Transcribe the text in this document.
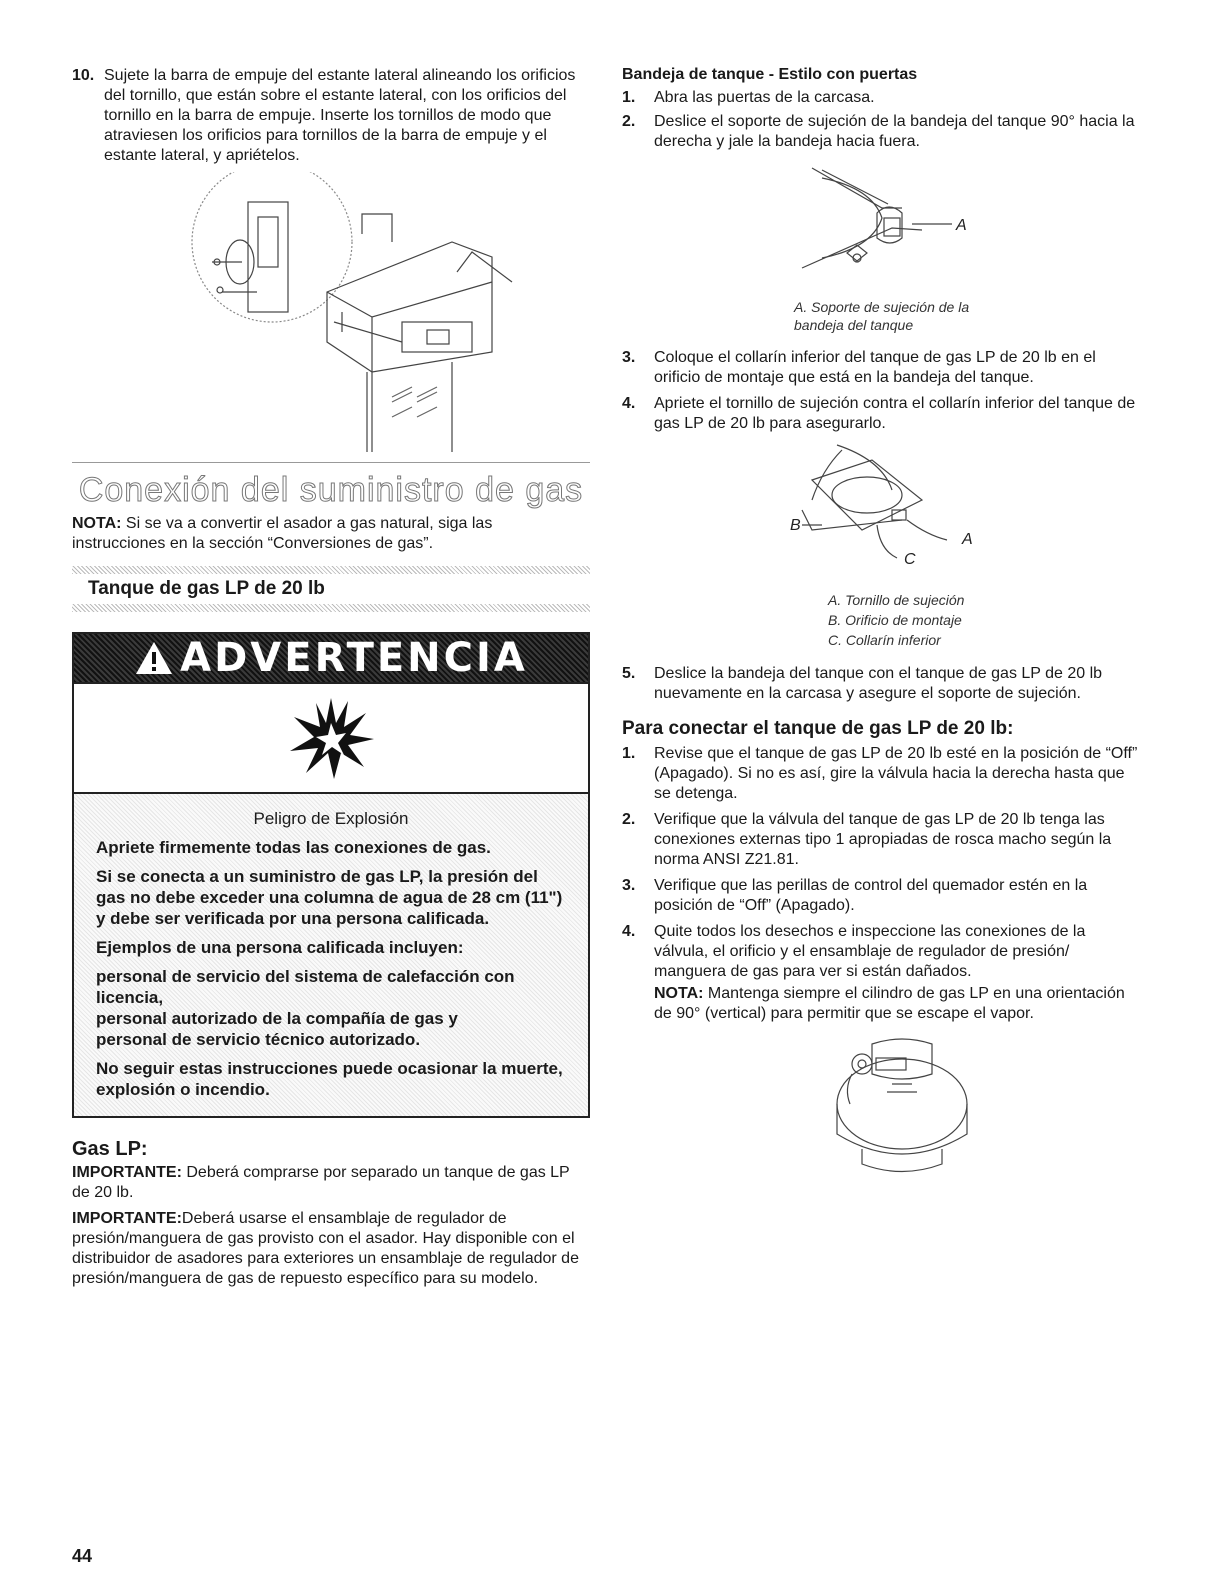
10. Sujete la barra de empuje del estante lateral alineando los orificios del tornillo, que están sobre el estante lateral, con los orificios del tornillo en la barra de empuje. Inserte los tornillos de modo que atraviesen los orificios para tornillos de la barra de empuje y el estante lateral, y apriételos.
Conexión del suministro de gas

NOTA: Si se va a convertir el asador a gas natural, siga las instrucciones en la sección “Conversiones de gas”.

Tanque de gas LP de 20 lb
ADVERTENCIA

Peligro de Explosión

Apriete firmemente todas las conexiones de gas.

Si se conecta a un suministro de gas LP, la presión del gas no debe exceder una columna de agua de 28 cm (11") y debe ser verificada por una persona calificada.

Ejemplos de una persona calificada incluyen:

personal de servicio del sistema de calefacción con licencia,

personal autorizado de la compañía de gas y

personal de servicio técnico autorizado.

No seguir estas instrucciones puede ocasionar la muerte, explosión o incendio.

Gas LP:

IMPORTANTE: Deberá comprarse por separado un tanque de gas LP de 20 lb.

IMPORTANTE:Deberá usarse el ensamblaje de regulador de presión/manguera de gas provisto con el asador. Hay disponible con el distribuidor de asadores para exteriores un ensamblaje de regulador de presión/manguera de gas de repuesto específico para su modelo.

Bandeja de tanque - Estilo con puertas
1.	Abra las puertas de la carcasa.
2.	Deslice el soporte de sujeción de la bandeja del tanque 90° hacia la derecha y jale la bandeja hacia fuera.
A
A. Soporte de sujeción de la bandeja del tanque
3.	Coloque el collarín inferior del tanque de gas LP de 20 lb en el orificio de montaje que está en la bandeja del tanque.
4.	Apriete el tornillo de sujeción contra el collarín inferior del tanque de gas LP de 20 lb para asegurarlo.
B
A
C
A. Tornillo de sujeción
B. Orificio de montaje
C. Collarín inferior
5.	Deslice la bandeja del tanque con el tanque de gas LP de 20 lb nuevamente en la carcasa y asegure el soporte de sujeción.
Para conectar el tanque de gas LP de 20 lb:
1.	Revise que el tanque de gas LP de 20 lb esté en la posición de “Off” (Apagado). Si no es así, gire la válvula hacia la derecha hasta que se detenga.
2.	Verifique que la válvula del tanque de gas LP de 20 lb tenga las conexiones externas tipo 1 apropiadas de rosca macho según la norma ANSI Z21.81.
3.	Verifique que las perillas de control del quemador estén en la posición de “Off” (Apagado).
4.	Quite todos los desechos e inspeccione las conexiones de la válvula, el orificio y el ensamblaje de regulador de presión/ manguera de gas para ver si están dañados.

NOTA: Mantenga siempre el cilindro de gas LP en una orientación de 90° (vertical) para permitir que se escape el vapor.

44
